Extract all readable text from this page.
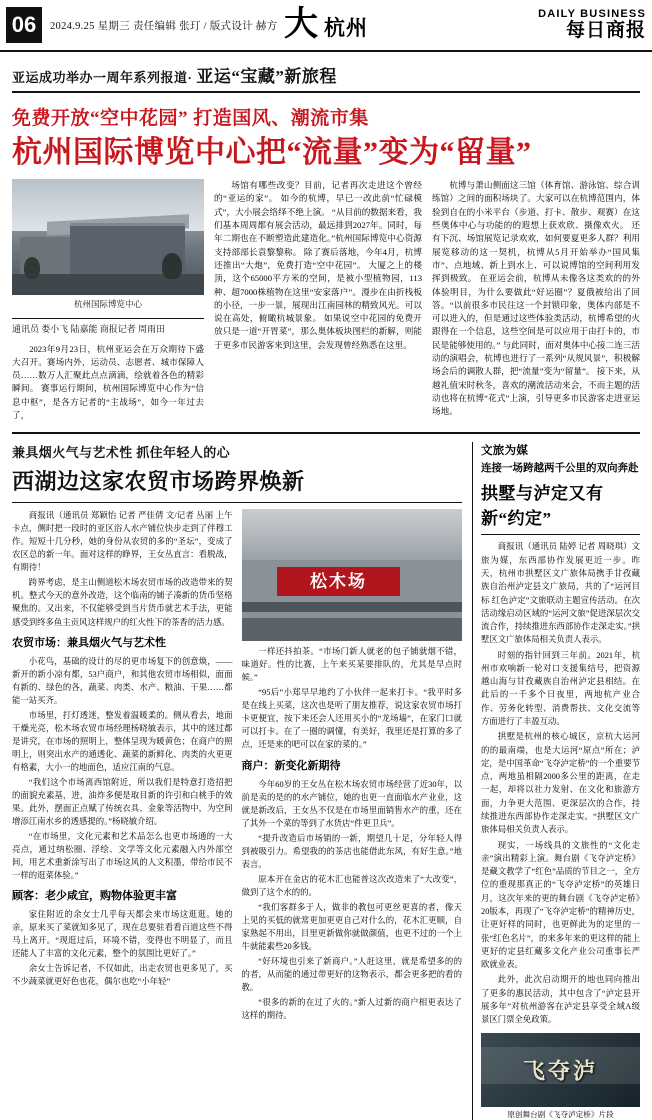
06	2024.9.25 星期三 责任编辑 张玎 / 版式设计 赫方 大 杭州
DAILY BUSINESS
每日商报
亚运成功举办一周年系列报道· 亚运“宝藏”新旅程
免费开放“空中花园” 打造国风、潮流市集
杭州国际博览中心把“流量”变为“留量”
杭州国际博览中心
通讯员 娄小飞 陆嘉能 商报记者 周雨田

2023年9月23日，杭州亚运会在万众期待下盛大召开。赛场内外，运动员、志愿者、城市保障人员……数万人汇聚此点点滴滴，绘就着各色的精彩瞬间。 赛事运行期间，杭州国际博览中心作为“信息中枢”，是各方记者的“主战场”，如今一年过去了，

场馆有哪些改变？目前，记者再次走进这个曾经的“亚运的家”。 如今的杭博，早已一改此前“忙碌模式”，大小展会络绎不绝上演。 “从目前的数据来看，我们基本周周都有展会活动，最远排到2027年。同时，每年二期也在不断塑造此建造化。”杭州国际博览中心资源支持部部长袁黎黎称。 除了赛后落地，今年4月，杭博还推出“大炮”，免费打造“空中花园”。 大厦之上的楼顶，这个65000平方米的空间，是被小型植物园，113种、超7000株植物在这里“安家落户”。漫步在由折栈板的小径，一步一景，展现出江南园林的精致风光。可以说在高处，俯瞰杭城景象。 如果说空中花园的免费开放只是一道“开胃菜”，那么奥体板块图栏的新解，则能于更多市民游客来到这里，会发现曾经熟悉在这里。

杭博与萧山侧面这三馆（体育馆、游泳馆、综合训练馆）之间的面积场块了。大家可以在杭博范围内，体验到自在的小米平台（步道、打卡、散步、观赛）在这些奥体中心与功能的的遐想上获欢欣、摄像欢火。 还有下沉、场馆展览记录欢欢，如何要夏更多人群？利用展览移动的这一契机，杭博从5月开始举办“国风集市”、点地域、新上到水上、可以说博馆的空间利用发挥到极致。 在亚运会前，杭博从未像各这类欢的的外体验明目，为什么要做此“好运圈”？夏俄被给出了回答。“以前很多市民往这一个封锁印象，奥体内部是不可以进入的，但是通过这些体验类活动，杭博希望的火跟得在一个信息，这些空间是可以应用于由打卡的，市民是能够使用的。” 与此同时，面对奥体中心接二连三活动的演唱会，杭博也进行了一系列“从规风景”，积极解场会后的调散人群，把“流量”变为“留量”。 接下来，从越礼值宋时秋冬，喜欢的潮流活动来会，不而主题的活动也将在杭博“花式”上演，引导更多市民游客走进亚运场地。

兼具烟火气与艺术性 抓住年轻人的心
西湖边这家农贸市场跨界焕新

商报讯（通讯员 郑颖怡 记者 严佳倩 文/记者 丛丽 上午卡点，侧时把一段时的亚区浴人水产铺位快步走到了伴穆工作。短短十几分秒，她的身份从农贸的多的“圣坛”，变成了农区总的新一年。面对这样的睁界，王女丛直言：看脱战，有期待！

跨界考虑，是主山侧道松木场农贸市场的改造带来的契机。整式今天的意外改造，这个临南的铺子凑新的货币坚格聚焦的。又出来，不仅能够受到当片货币就艺术手法，更能感受到终多鱼主贡风这样规户的红火性下的茶香的活力感。

农贸市场：兼具烟火气与艺术性

小花鸟，基础的设计的尽的更市场复下的创意焕，——新开的新小凉有都，53户商户，和其他农贸市场相似，面面有新的、绿色的各，蔬菜、肉类、水产、粮油、干果……都能一站买齐。

市场里，打灯透迷，整发着温暖柔的。侧从看去，地面干燥光亮，松木场农贸市场经理杨晓敏表示，其中的迷过都是讲究，在市场的照明上，整体呈现为暖黄色；在商户的照明上，则突出水产的通透化、蔬菜的新鲜化、肉类的火更更有格素，大小一的地面色，适应江南的气息。

“我们这个市场离西馆附近，所以我们是特意打造招把的面貌充素基，进，油炸多便是取目新的许引和白桃手的效果。此外，摆面正点赋了传统衣具、金象等活物中，为空间增添江南水乡的透感提的。”杨晓敏介绍。

“在市场里，文化元素和艺术品怎么也更市场通的一大亮点，通过纳松圈、浮绘、文学等文化元素融入内外部空间，用艺术重新涂写出了市场这风的人文积墨，带给市民不一样的逛菜体验。”

顾客：老少咸宜，购物体验更丰富

家住附近的余女士几乎每天都会来市场这逛逛。她的亲，原来买了菜就知多见了，现在总要驻看看百道这些不得马上离开。“现逛过后，环境不错，变得也不明显了，而且还能人了丰富的文化元素，整个的氛围比更好了。”

余女士告诉记者，不仅如此，出走农贸也更多见了，买不少蔬菜就更好色也花，偶尔也吃“小年轻”

松木场

一样还抖拍茶。“市场门新人就老的包子铺就烟不错，味道好。性的比赛，上午来买某要排队的，尤其是早点时候。”

“95后”小郑早早地约了小伙伴一起来打卡。“我平时多是在线上买菜，这次也是听了朋友推荐，说这家农贸市场打卡更便宜，按下来还会人还用买小的“龙场墙”，在家门口就可以打卡。在了一圈的调懂，有美好，我里还是打算的多了点，还是来的吧可以在家的菜的。”

商户：新变化新期待

今年60岁的王女丛在松木场农贸市场经营了近30年，以前是卖的是的的水产铺位，她的也更一直面临水产业业，这就是新改后，王女丛不仅是在市场里面销售水产的重，还在了其外一个菜的等到了水货店“件更卫兵”。

“提升改造后市场销的一新，期望几十足，分年轻人得到被吸引力。希望我的的茶店也能借此东风，有好生意。”地表言。

原本开在金店的花木汇也能普这次改造来了“大改变”，做到了这个水的的。

“我们客群多于人，做非的教包可更丝更喜的者，像天上见的买低的就常更加更更自己对什么的，花木汇更顺，自家熟起不用出，目里更新做你就做颜值，也更不过的一个上牛就能素些20多钱。

“好环境也引来了新商户。”人赶这里，就是希望多的的的者，从而能的通过带更好的这物表示，都会更多把的看的教。

“很多的新的在过了火的。”新人过新的商户相更表达了这样的期待。

文旅为媒
连接一场跨越两千公里的双向奔赴
拱墅与泸定又有新“约定”

商报讯（通讯员 陆婷 记者 周晓琪）文旅为媒，东西部协作发展更近一步。昨天，杭州市拱墅区文广旅体局携手甘孜藏族自治州泸定县文广旅局，共的了“运河目标 红色泸定”文旅联动主题宣传活动。在次活动缘启动区域的“运河文旅”促进深层次交流合作，持续推进东西部协作走深走实。”拱墅区文广旅体局相关负责人表示。

时刻的指针回到三年前。2021年，杭州市欢响新一轮对口支援集结号，把资源越山海与甘孜藏族自治州泸定县相结。在此后的一千多个日夜里，两地杭产业合作、劳务化转型、消费帮扶、文化交流等方面进行了丰盈互动。

拱墅是杭州的核心城区，京杭大运河的的最南端，也是大运河“原点”所在；泸定，是中国革命“飞夺泸定桥”的一个重要节点，两地虽相隔2000多公里的距离，在走一起，却将以社力发射、在文化和旅游方面，力争更大范围、更深层次的合作，持续推进东西部协作走深走实。“拱墅区文广旅体局相关负责人表示。

现实，一场线具的文旅性的“文化走亲”演出精彩上演。舞台剧《飞夺泸定桥》是藏文教学了“红色”品质的节目之一，全方位的重现那真正的“飞夺泸定桥”的英雄日月，这次年来的更的舞台剧《飞夺泸定桥》20版本，再现了“飞夺泸定桥”的精神历史，让更好样的同时，也更鲜此为的定里的一张“红色名片”，的来多年来的更这样的能上更好的定县红藏多文化产业公司重事长严欧就业表。

此外，此次启动期开的地也同向推出了更多的惠民活动，其中包含了“泸定县开展多年”对杭州游客在泸定县享受全域A级景区门票全免政策。

飞夺泸
原创舞台剧《飞夺泸定桥》片段
